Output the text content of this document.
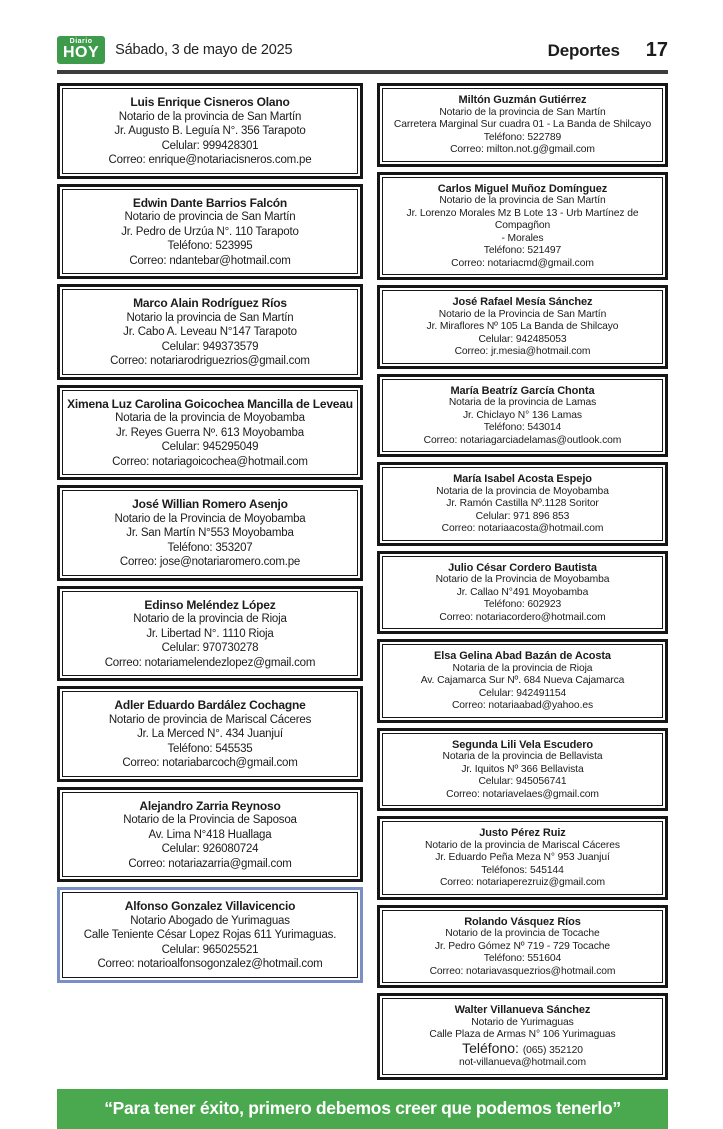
Diario
HOY Sábado, 3 de mayo de 2025	Deportes 17
Luis Enrique Cisneros Olano
Notario de la provincia de San Martín
Jr. Augusto B. Leguía N°. 356 Tarapoto
Celular: 999428301
Correo: enrique@notariacisneros.com.pe
Edwin Dante Barrios Falcón
Notario de provincia de San Martín
Jr. Pedro de Urzúa N°. 110 Tarapoto
Teléfono: 523995
Correo: ndantebar@hotmail.com
Marco Alain Rodríguez Ríos
Notario la provincia de San Martín
Jr. Cabo A. Leveau N°147 Tarapoto
Celular: 949373579
Correo: notariarodriguezrios@gmail.com
Ximena Luz Carolina Goicochea Mancilla de Leveau
Notaria de la provincia de Moyobamba
Jr. Reyes Guerra Nº. 613 Moyobamba
Celular: 945295049
Correo: notariagoicochea@hotmail.com
José Willian Romero Asenjo
Notario de la Provincia de Moyobamba
Jr. San Martín N°553 Moyobamba
Teléfono: 353207
Correo: jose@notariaromero.com.pe
Edinso Meléndez López
Notario de la provincia de Rioja
Jr. Libertad N°. 1110 Rioja
Celular: 970730278
Correo: notariamelendezlopez@gmail.com
Adler Eduardo Bardález Cochagne
Notario de provincia de Mariscal Cáceres
Jr. La Merced N°. 434 Juanjuí
Teléfono: 545535
Correo: notariabarcoch@gmail.com
Alejandro Zarria Reynoso
Notario de la Provincia de Saposoa
Av. Lima N°418 Huallaga
Celular: 926080724
Correo: notariazarria@gmail.com
Alfonso Gonzalez Villavicencio
Notario Abogado de Yurimaguas
Calle Teniente César Lopez Rojas 611 Yurimaguas.
Celular: 965025521
Correo: notarioalfonsogonzalez@hotmail.com
Miltón Guzmán Gutiérrez
Notario de la provincia de San Martín
Carretera Marginal Sur cuadra 01 - La Banda de Shilcayo
Teléfono: 522789
Correo: milton.not.g@gmail.com
Carlos Miguel Muñoz Domínguez
Notario de la provincia de San Martín
Jr. Lorenzo Morales Mz B Lote 13 - Urb Martínez de Compagñon
- Morales
Teléfono: 521497
Correo: notariacmd@gmail.com
José Rafael Mesía Sánchez
Notario de la Provincia de San Martín
Jr. Miraflores Nº 105 La Banda de Shilcayo
Celular: 942485053
Correo: jr.mesia@hotmail.com
María Beatríz García Chonta
Notaria de la provincia de Lamas
Jr. Chiclayo N° 136 Lamas
Teléfono: 543014
Correo: notariagarciadelamas@outlook.com
María Isabel Acosta Espejo
Notaria de la provincia de Moyobamba
Jr. Ramón Castilla Nº.1128 Soritor
Celular: 971 896 853
Correo: notariaacosta@hotmail.com
Julio César Cordero Bautista
Notario de la Provincia de Moyobamba
Jr. Callao N°491 Moyobamba
Teléfono: 602923
Correo: notariacordero@hotmail.com
Elsa Gelina Abad Bazán de Acosta
Notaria de la provincia de Rioja
Av. Cajamarca Sur Nº. 684 Nueva Cajamarca
Celular: 942491154
Correo: notariaabad@yahoo.es
Segunda Lili Vela Escudero
Notaria de la provincia de Bellavista
Jr. Iquitos Nº 366 Bellavista
Celular: 945056741
Correo: notariavelaes@gmail.com
Justo Pérez Ruiz
Notario de la provincia de Mariscal Cáceres
Jr. Eduardo Peña Meza N° 953 Juanjuí
Teléfonos: 545144
Correo: notariaperezruiz@gmail.com
Rolando Vásquez Ríos
Notario de la provincia de Tocache
Jr. Pedro Gómez Nº 719 - 729 Tocache
Teléfono: 551604
Correo: notariavasquezrios@hotmail.com
Walter Villanueva Sánchez
Notario de Yurimaguas
Calle Plaza de Armas N° 106 Yurimaguas
Teléfono: (065) 352120
not-villanueva@hotmail.com
“Para tener éxito, primero debemos creer que podemos tenerlo”
